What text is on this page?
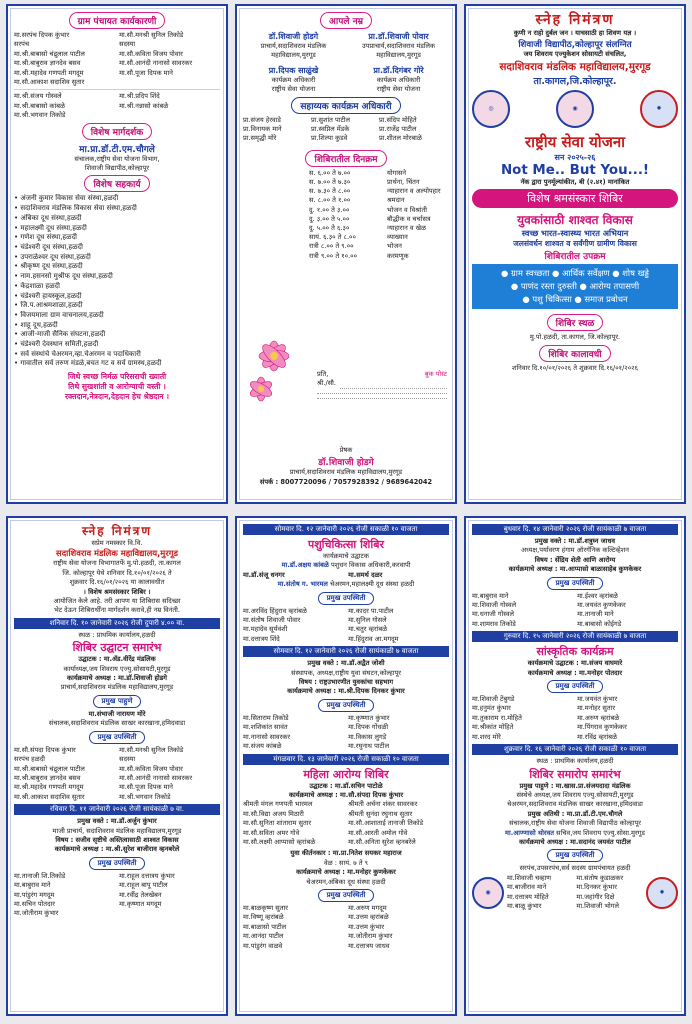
ग्राम पंचायत कार्यकारणी
मा.सरपंच दिपक कुंभार	मा.सौ.मनश्री सुनिल तिकोडे
सरपंच	सदस्या
मा.श्री.बाबासो चंद्रुलाल पाटील	मा.सौ.कविता विजय पोवार
मा.श्री.बाबुराव ज्ञानदेव बसव	मा.सौ.आनंदी नानासो सावरकर
मा.श्री.महादेव गणपती मगदूम	मा.सौ.पूजा दिपक माने
मा.सौ.आकाश सदाशिव सुतार
मा.श्री.संजय गोस्वले	मा.श्री.प्रदिप शिंदे
मा.श्री.बाबासो कांबळे	मा.श्री.नन्नासो कांबळे
मा.श्री.भगवान तिकोडे
विशेष मार्गदर्शक
मा.प्रा.डॉ.टी.एम.चौगले
संचालक,राष्ट्रीय सेवा योजना विभाग,
शिवाजी विद्यापीठ,कोल्हापूर
विशेष सहकार्य
• अंजनी कुमार विकास सेवा संस्था,हळदी
• सदाशिवराव मंडलिक विकास सेवा संस्था,हळदी
• अंबिका दूध संस्था,हळदी
• महालक्ष्मी दूध संस्था,हळदी
• गणेश दूध संस्था,हळदी
• चंडेश्वरी दूध संस्था,हळदी
• उपराळेश्वर दूध संस्था,हळदी
• श्रीकृष्ण दूध संस्था,हळदी
• नाम.हसनसो मुश्रीफ दूध संस्था,हळदी
• केंद्रशाळा हळदी
• चंडेश्वरी हायस्कूल,हळदी
• जि.प.आश्रमशाळा,हळदी
• विजयमाला ग्राम वाचनालय,हळदी
• शाहू दूध,हळदी
• आजी-माजी सैनिक संघटना,हळदी
• चंडेश्वरी देवस्थान समिती,हळदी
• सर्व संस्थांचे चेअरमन,व्हा.चेअरमन व पदाधिकारी
• गावातील सर्व तरुण मंडळे,बचत गट व सर्व ग्रामस्थ,हळदी
जिथे स्वच्छ निर्मळ परिसराची ख्याती
तिथे सुखशांती व आरोग्याची वस्ती ।
रक्तदान,नेत्रदान,देहदान हेच श्रेष्ठदान ।
आपले नम्र
डॉ.शिवाजी होडगे
प्राचार्य,सदाशिवराव मंडलिक
महाविद्यालय,मुरगूड
प्रा.डॉ.शिवाजी पोवार
उपप्राचार्य,सदाशिवराव मंडलिक
महाविद्यालय,मुरगूड
प्रा.दिपक साळुंखे
कार्यक्रम अधिकारी
राष्ट्रीय सेवा योजना
प्रा.डॉ.दिगंबर गोरे
कार्यक्रम अधिकारी
राष्ट्रीय सेवा योजना
सहाय्यक कार्यक्रम अधिकारी
प्रा.संजय हेरवाडे	प्रा.सुशांत पाटील	प्रा.संदिप मोहिते
प्रा.विनायक माने	प्रा.स्वप्निल मेंडके	प्रा.राजेंद्र पाटील
प्रा.समृद्धी मोरे	प्रा.शिल्पा कुडवे	प्रा.शीतल मोरबाळे
शिबिरातील दिनक्रम
स. ६.०० ते ७.००	योगासने
स. ७.०० ते ७.३०	प्रार्थना, चिंतन
स. ७.३० ते ८.००	न्याहारान व अल्पोपहार
स. ८.०० ते १.००	श्रमदान
दु. १.०० ते ३.००	भोजन व विश्रांती
दु. ३.०० ते ५.००	बौद्धीक व चर्चासत्र
दु. ५.०० ते ६.३०	न्याहारान व खेळ
सायं. ६.३० ते ८.००	व्याख्यान
रात्री ८.०० ते ९.००	भोजन
रात्री ९.०० ते १०.००	करमणूक
प्रति,	बुक पोस्ट
श्री./सौ.
प्रेषक
डॉ.शिवाजी होडगे
प्राचार्य,सदाशिवराव मंडलिक महाविद्यालय,मुरगूड
संपर्क : 8007720096 / 7057928392 / 9689642042
स्नेह निमंत्रण
कुणी न राहो दुर्बल जन । याचसाठी हा शिवण यज्ञ ।
शिवाजी विद्यापीठ,कोल्हापूर संलग्नित
जय शिवराय एज्युकेशन सोसायटी संचलित,
सदाशिवराव मंडलिक महाविद्यालय,मुरगूड
ता.कागल,जि.कोल्हापूर.
◎	◉	✹
राष्ट्रीय सेवा योजना
सन २०२५-२६
Not Me.. But You...!
नॅक द्वारा पुनर्मूल्यांकीत, बी (२.४१) मानांकित
विशेष श्रमसंस्कार शिबिर
युवकांसाठी शाश्वत विकास
स्वच्छ भारत-स्वास्थ्य भारत अभियान
जलसंवर्धन शाश्वत व सर्वंगीण ग्रामीण विकास
शिबिरातील उपक्रम
● ग्राम स्वच्छता ● आर्थिक सर्वेक्षण ● शोष खड्डे
● पाणंद रस्ता दुरुस्ती ● आरोग्य तपासणी
● पशु चिकित्सा ● समाज प्रबोधन
शिबिर स्थळ
मु.पो.हळदी, ता.कागल, जि.कोल्हापूर.
शिबिर कालावधी
शनिवार दि.१०/०१/२०२६ ते शुक्रवार दि.१६/०१/२०२६
स्नेह निमंत्रण
सप्रेम नमस्कार वि.वि.
सदाशिवराव मंडलिक महाविद्यालय,मुरगूड
राष्ट्रीय सेवा योजना विभागातर्फे मु.पो.हळदी, ता.कागल
जि. कोल्हापूर येथे शनिवार दि.१०/०१/२०२६ ते
शुक्रवार दि.१६/०१/२०२६ या कालावधीत
। विशेष श्रमसंस्कार शिबिर ।
आयोजित केले आहे. तरी आपण या शिबिरास सदिच्छा
भेट देऊन शिबिरार्थींना मार्गदर्शन करावे,ही नम्र विनंती.
शनिवार दि. १० जानेवारी २०२६ रोजी दुपारी ४.०० वा.
स्थळ : प्राथमिक कार्यालय,हळदी
शिबिर उद्घाटन समारंभ
उद्घाटक : मा.ॲड.वीरेंद्र मंडलिक
कार्याध्यक्ष,जय शिवराय एज्यु.सोसायटी,मुरगूड
कार्यक्रमाचे अध्यक्ष : मा.डॉ.शिवाजी होडगे
प्राचार्य,सदाशिवराव मंडलिक महाविद्यालय,मुरगूड
प्रमुख पाहुणे
मा.संभाजी नारायण मोरे
संचालक,सदाशिवराव मंडलिक साखर कारखाना,हमिदवाडा
प्रमुख उपस्थिती
मा.सौ.संपदा दिपक कुंभार	मा.सौ.मनश्री सुनिल तिकोडे
सरपंच हळदी	सदस्या
मा.श्री.बाबासो चंद्रुलाल पाटील	मा.सौ.कविता विजय पोवार
मा.श्री.बाबुराव ज्ञानदेव बसव	मा.सौ.आनंदी नानासो सावरकर
मा.श्री.महादेव गणपती मगदूम	मा.सौ.पूजा दिपक माने
मा.श्री.आकाश सदाशिव सुतार	मा.श्री.भगवान तिकोडे
रविवार दि. ११ जानेवारी २०२६ रोजी सायंकाळी ७ वा.
प्रमुख वक्ते : मा.डॉ.अर्जुन कुंभार
माजी प्राचार्य, सदाशिवराव मंडलिक महाविद्यालय,मुरगूड
विषय : सजीव सृष्टीचे अस्तित्वासाठी शाश्वत विकास
कार्यक्रमाचे अध्यक्ष : मा.श्री.सुरेश बाजीराव व्हनबरेले
प्रमुख उपस्थिती
मा.तानाजी शि.तिकोडे	मा.राहूल दत्तात्रय कुंभार
मा.बाबुराव माने	मा.राहूल बापू पाटील
मा.पांडुरंग मगदूम	मा.रवींद्र तेलखेबन
मा.सचिन पोतदार	मा.कृष्णात मगदूम
मा.जोतीराम कुंभार
सोमवार दि. १२ जानेवारी २०२६ रोजी सकाळी १० वाजता
पशुचिकित्सा शिबिर
कार्यक्रमाचे उद्घाटक
मा.डॉ.अक्षय कांबळे पशुधन विकास अधिकारी,करवापी
मा.डॉ.संजू धनगर	मा.समर्थ दळर
मा.संतोष ग. भारमल चेअरमन,महालक्ष्मी दूध संस्था हळदी
प्रमुख उपस्थिती
मा.अरविंद हिंदुराव व्हरांबळे	मा.कादर पा.पाटील
मा.संतोष शिवाजी पोवार	मा.सुनिल गोसले
मा.महादेव सूर्यवंशी	मा.चतुर व्हरांबळे
मा.दत्तात्रय शिंदे	मा.हिंदुराव आ.मगदूम
सोमवार दि. १२ जानेवारी २०२६ रोजी सायंकाळी ७ वाजता
प्रमुख वक्ते : मा.डॉ.अद्वैत जोशी
संस्थापक, अध्यक्ष,राष्ट्रीय युवा संघटन,कोल्हापूर
विषय : राष्ट्रउभारणीत युवकांचा सहभाग
कार्यक्रमाचे अध्यक्ष : मा.श्री.दिपक दिनकर कुंभार
प्रमुख उपस्थिती
मा.सिताराम तिकोडे	मा.कृष्णात कुंभार
मा.शशिकांत सावंत	मा.दिपक गोंधळी
मा.नानासो सावरकर	मा.विकास लुगडे
मा.संजय कांबळे	मा.रघुनाथ पाटील
मंगळवार दि. १३ जानेवारी २०२६ रोजी सकाळी १० वाजता
महिला आरोग्य शिबिर
उद्घाटक : मा.डॉ.सचिन पाटोळे
कार्यक्रमाचे अध्यक्ष : मा.सौ.संपदा दिपक कुंभार
श्रीमती मंगल गणपती भारमल	श्रीमती अर्चना शंकर सावरकर
मा.सौ.विद्या अजय मिठारी	श्रीमती सुनंदा रघुनाथ सुतार
मा.सौ.सुनिता शांताराम सुतार	मा.सौ.आशाताई तानाजी तिकोडे
मा.सौ.सविता अमर गोवे	मा.सौ.आरती अमोल गोवे
मा.सौ.लक्ष्मी आप्पासो व्हरांबळे	मा.सौ.अनिता सुरेश व्हनबरेले
युवा कीर्तनकार : मा.प्रा.नितेश सयकर महाराज
वेळ : सायं. ७ ते ९
कार्यक्रमाचे अध्यक्ष : मा.मनोहर कुणकेकर
चेअरमन,अंबिका दूध संस्था हळदी
प्रमुख उपस्थिती
मा.बाळकृष्ण सुतार	मा.अरुण मगदूम
मा.विष्णू व्हरांबळे	मा.उत्तम व्हरांबळे
मा.बाळासो पाटील	मा.उत्तम कुंभार
मा.आनंदा पाटील	मा.जोतीराम कुंभार
मा.पांडुरंग वाळवे	मा.दत्तात्रय जाधव
बुधवार दि. १४ जानेवारी २०२६ रोजी सायंकाळी ७ वाजता
प्रमुख वक्ते : मा.डॉ.शत्रुघ्न जाधव
अध्यक्ष,पर्यावरण हंगाम ऑरगॅनिक कल्टिव्हेशन
विषय : सेंद्रिय शेती आणि आरोग्य
कार्यक्रमाचे अध्यक्ष : मा.आप्पासो बाळासाहेब कुणकेकर
प्रमुख उपस्थिती
मा.बाबुराव माने	मा.ईश्वर व्हरांबळे
मा.शिवाजी गोस्वले	मा.जयवंत कुणकेकर
मा.धनाजी गोस्वले	मा.तानाजी माने
मा.शामराव तिकोडे	मा.बाबासो कोईगडे
गुरुवार दि. १५ जानेवारी २०२६ रोजी सायंकाळी ७ वाजता
सांस्कृतिक कार्यक्रम
कार्यक्रमाचे उद्घाटक : मा.संजय वाघमारे
कार्यक्रमाचे अध्यक्ष : मा.मनोहर पोतदार
प्रमुख उपस्थिती
मा.शिवाजी टेंबुगडे	मा.जयवंत कुंभार
मा.हनुमंत कुंभार	मा.मनोहर सुतार
मा.तुकाराम रा.मोहिते	मा.अरुण व्हरांबळे
मा.श्रीकांत मोहिते	मा.पिंगराव कुणकेकर
मा.शरद मोरे	मा.रविंद्र व्हरांबळे
शुक्रवार दि. १६ जानेवारी २०२६ रोजी सकाळी १० वाजता
स्थळ : प्राथमिक कार्यालय,हळदी
शिबिर समारोप समारंभ
प्रमुख पाहुणे : मा.खास.प्रा.संजयदादा मंडलिक
संस्थेचे अध्यक्ष,जय शिवराय एज्यु.सोसायटी,मुरगूड
चेअरमन,सदाशिवराव मंडलिक साखर कारखाना,हमिदवाडा
प्रमुख अतिथी : मा.प्रा.डॉ.टी.एम.चौगले
संचालक,राष्ट्रीय सेवा योजना शिवाजी विद्यापीठ कोल्हापूर
मा.आण्णासो थोरवत सचिव,जय शिवराय एज्यु.सोसा.मुरगूड
कार्यक्रमाचे अध्यक्ष : मा.सदानंद जयवंत पाटील
प्रमुख उपस्थिती
सरपंच,उपसरपंच,सर्व सदस्य ग्रामपंचायत हळदी
◉
मा.शिवाजी चव्हाण	मा.संतोष कुडाळकर
मा.बाजीराव माने	मा.दिनकर कुंभार
मा.दत्तात्रय मोहिते	मा.जहांगीर दिक्षे
मा.बाळू कुंभार	मा.शिवाजी भोगले
✹
